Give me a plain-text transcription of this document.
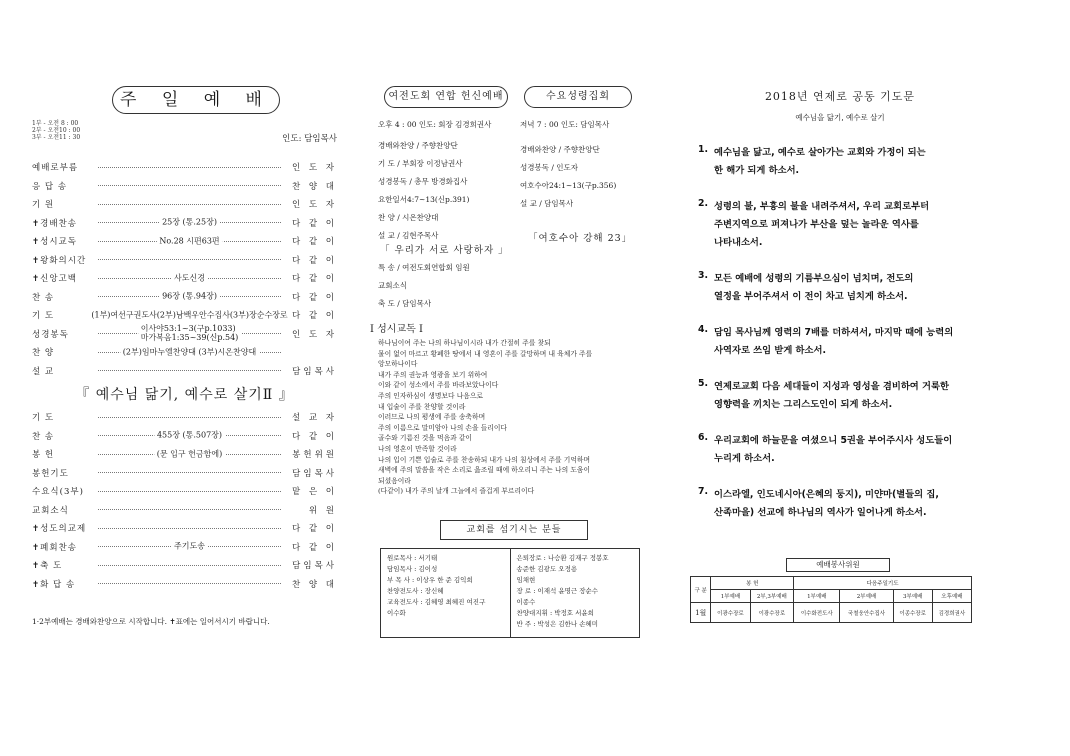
주 일 예 배
1부 - 오전 8 : 00
2부 - 오전10 : 00
3부 - 오전11 : 30	인도: 담임목사
예배로부름	인 도 자
응 답 송	찬 양 대
기 원	인 도 자
✝경배찬송	25장 (통.25장)	다 같 이
✝성시교독	No.28 시편63편	다 같 이
✝왕화의시간	다 같 이
✝신앙고백	사도신경	다 같 이
찬 송	96장 (통.94장)	다 같 이
기 도	(1부)여선구권도사(2부)남백우안수집사(3부)장순수장로 다 같 이
성경봉독
이사야53:1~3(구p.1033)
마가복음1:35~39(신p.54)	인 도 자
찬 양	(2부)임마누엘찬양대 (3부)시온찬양대
설 교	담임목사
『 예수님 닮기, 예수로 살기Ⅱ 』
기 도	설 교 자
찬 송	455장 (통.507장)	다 같 이
봉 헌	(문 입구 헌금함에)	봉헌위원
봉헌기도	담임목사
수요식(3부)	맡 은 이
교회소식	위 원
✝성도의교제	다 같 이
✝폐회찬송	주기도송	다 같 이
✝축 도	담임목사
✝화 답 송	찬 양 대
1·2부예배는 경배와찬양으로 시작합니다. ✝표에는 일어서시기 바랍니다.
여전도회 연합 헌신예배	수요성령집회
오후 4 : 00 인도: 회장 김경희권사
경배와찬양 / 주향찬양단
기 도 / 부회장 이정남권사
성경봉독 / 총무 방경화집사
요한일서4:7~13(신p.391)
찬 양 / 시온찬양대
설 교 / 김현주목사
「 우리가 서로 사랑하자 」
특 송 / 여전도회연합회 임원
교회소식
축 도 / 담임목사
저녁 7 : 00 인도: 담임목사
경배와찬양 / 주향찬양단
성경봉독 / 인도자
여호수아24:1~13(구p.356)
설 교 / 담임목사
「여호수아 강해 23」
I 성시교독 I
하나님이여 주는 나의 하나님이시라 내가 간절히 주를 찾되
물이 없어 마르고 황폐한 땅에서 내 영혼이 주를 갈망하며 내 육체가 주를
앙모하나이다
내가 주의 권능과 영광을 보기 위하여
이와 같이 성소에서 주를 바라보았나이다
주의 인자하심이 생명보다 나음으로
내 입술이 주를 찬양할 것이라
이러므로 나의 평생에 주를 송축하며
주의 이름으로 말미암아 나의 손을 들리이다
골수와 기름진 것을 먹음과 같이
나의 영혼이 만족할 것이라
나의 입이 기쁜 입술로 주를 찬송하되 내가 나의 침상에서 주를 기억하며
새벽에 주의 말씀을 작은 소리로 읊조릴 때에 하오리니 주는 나의 도움이
되셨음이라
(다같이) 내가 주의 날개 그늘에서 즐겁게 부르리이다
교회를 섬기시는 분들
원로목사 : 서기태
담임목사 : 김이성
부 목 사 : 이상우 한 준 김익희
찬양전도사 : 장신혜
교육전도사 : 김혜영 최혜진 여진구
이수화
은퇴장로 : 나승환 김재구 정봉호
송준한 김광도 오정용
임채현
장 로 : 이재석 윤명근 장순수
이종수
찬양대지휘 : 박정호 서윤희
반 주 : 박성은 김한나 손혜미
2018년 연제로 공동 기도문
예수님을 닮기, 예수로 살기
1. 예수님을 닮고, 예수로 살아가는 교회와 가정이 되는
한 해가 되게 하소서.
2. 성령의 불, 부흥의 불을 내려주셔서, 우리 교회로부터
주변지역으로 퍼져나가 부산을 덮는 놀라운 역사를
나타내소서.
3. 모든 예배에 성령의 기름부으심이 넘치며, 전도의
열정을 부어주셔서 이 전이 차고 넘치게 하소서.
4. 담임 목사님께 영력의 7배를 더하셔서, 마지막 때에 능력의
사역자로 쓰임 받게 하소서.
5. 연제로교회 다음 세대들이 지성과 영성을 겸비하여 거룩한
영향력을 끼치는 그리스도인이 되게 하소서.
6. 우리교회에 하늘문을 여셨으니 5권을 부어주시사 성도들이
누리게 하소서.
7. 이스라엘, 인도네시아(은혜의 둥지), 미얀마(별들의 집,
산족마을) 선교에 하나님의 역사가 일어나게 하소서.
예배봉사위원
구 분	봉 헌		다음주일기도			
	1부예배	2부,3부예배	1부예배	2부예배	3부예배	오후예배
1월	이광수장로	이광수장로	이수화전도사	국철웅안수집사	이종수장로	김경희권사
